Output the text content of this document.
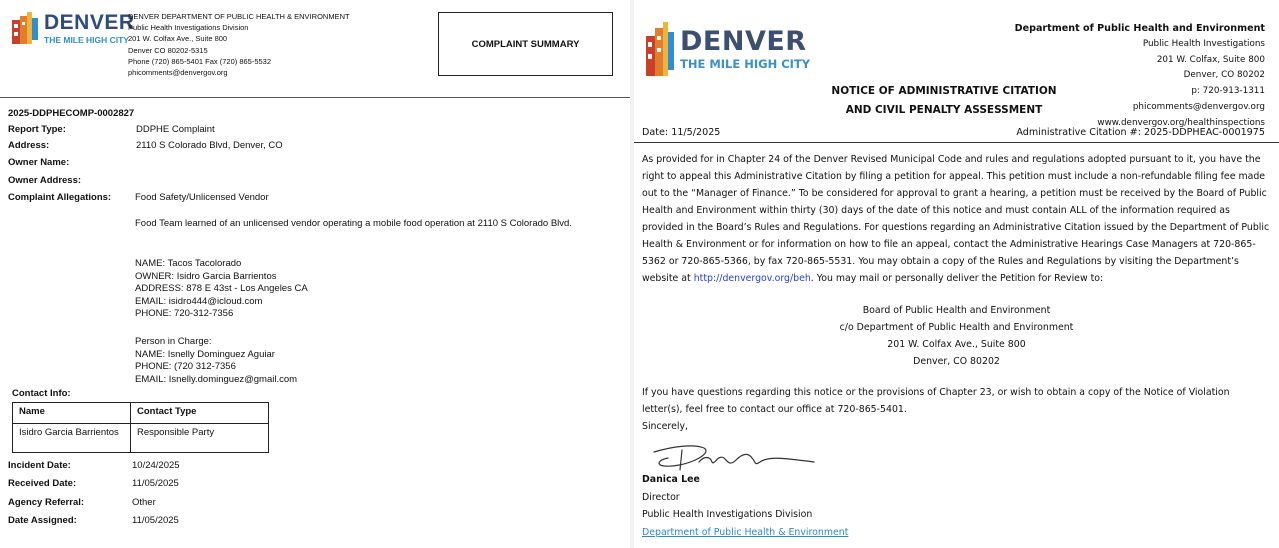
DENVER
THE MILE HIGH CITY
DENVER DEPARTMENT OF PUBLIC HEALTH & ENVIRONMENT
Public Health Investigations Division
201 W. Colfax Ave., Suite 800
Denver CO 80202-5315
Phone (720) 865-5401 Fax (720) 865-5532
phicomments@denvergov.org
COMPLAINT SUMMARY
2025-DDPHECOMP-0002827
Report Type:	DDPHE Complaint
Address:	2110 S Colorado Blvd, Denver, CO
Owner Name:
Owner Address:
Complaint Allegations:	Food Safety/Unlicensed Vendor

Food Team learned of an unlicensed vendor operating a mobile food operation at 2110 S Colorado Blvd.

NAME: Tacos Tacolorado

OWNER: Isidro Garcia Barrientos

ADDRESS: 878 E 43st - Los Angeles CA

EMAIL: isidro444@icloud.com

PHONE: 720-312-7356

Person in Charge:

NAME: Isnelly Dominguez Aguiar

PHONE: (720 312-7356

EMAIL: Isnelly.dominguez@gmail.com

Contact Info:
Name	Contact Type
Isidro Garcia Barrientos	Responsible Party
Incident Date:	10/24/2025
Received Date:	11/05/2025
Agency Referral:	Other
Date Assigned:	11/05/2025
DENVER
THE MILE HIGH CITY
NOTICE OF ADMINISTRATIVE CITATION
AND CIVIL PENALTY ASSESSMENT
Department of Public Health and Environment
Public Health Investigations
201 W. Colfax, Suite 800
Denver, CO 80202
p: 720-913-1311
phicomments@denvergov.org
www.denvergov.org/healthinspections
Date: 11/5/2025	Administrative Citation #: 2025-DDPHEAC-0001975
As provided for in Chapter 24 of the Denver Revised Municipal Code and rules and regulations adopted pursuant to it, you have the right to appeal this Administrative Citation by filing a petition for appeal. This petition must include a non-refundable filing fee made out to the “Manager of Finance.” To be considered for approval to grant a hearing, a petition must be received by the Board of Public Health and Environment within thirty (30) days of the date of this notice and must contain ALL of the information required as provided in the Board’s Rules and Regulations. For questions regarding an Administrative Citation issued by the Department of Public Health & Environment or for information on how to file an appeal, contact the Administrative Hearings Case Managers at 720-865-5362 or 720-865-5366, by fax 720-865-5531. You may obtain a copy of the Rules and Regulations by visiting the Department’s website at http://denvergov.org/beh. You may mail or personally deliver the Petition for Review to:
Board of Public Health and Environment
c/o Department of Public Health and Environment
201 W. Colfax Ave., Suite 800
Denver, CO 80202
If you have questions regarding this notice or the provisions of Chapter 23, or wish to obtain a copy of the Notice of Violation letter(s), feel free to contact our office at 720-865-5401.
Sincerely,
Danica Lee
Director
Public Health Investigations Division
Department of Public Health & Environment
